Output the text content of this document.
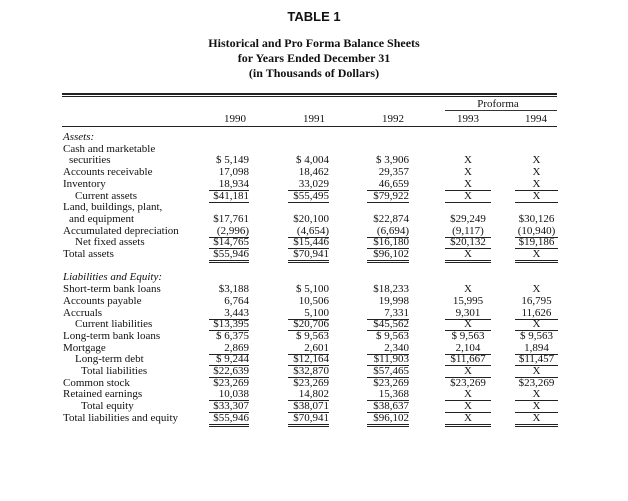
TABLE 1
Historical and Pro Forma Balance Sheets
for Years Ended December 31
(in Thousands of Dollars)
Proforma
1990	1991	1992	1993	1994
Assets:
Cash and marketable
securities	$ 5,149	$ 4,004	$ 3,906	X	X
Accounts receivable	17,098	18,462	29,357	X	X
Inventory	18,934	33,029	46,659	X	X
Current assets	$41,181	$55,495	$79,922	X	X
Land, buildings, plant,
and equipment	$17,761	$20,100	$22,874	$29,249	$30,126
Accumulated depreciation	(2,996)	(4,654)	(6,694)	(9,117)	(10,940)
Net fixed assets	$14,765	$15,446	$16,180	$20,132	$19,186
Total assets	$55,946	$70,941	$96,102	X	X
Liabilities and Equity:
Short-term bank loans	$3,188	$ 5,100	$18,233	X	X
Accounts payable	6,764	10,506	19,998	15,995	16,795
Accruals	3,443	5,100	7,331	9,301	11,626
Current liabilities	$13,395	$20,706	$45,562	X	X
Long-term bank loans	$ 6,375	$ 9,563	$ 9,563	$ 9,563	$ 9,563
Mortgage	2,869	2,601	2,340	2,104	1,894
Long-term debt	$ 9,244	$12,164	$11,903	$11,667	$11,457
Total liabilities	$22,639	$32,870	$57,465	X	X
Common stock	$23,269	$23,269	$23,269	$23,269	$23,269
Retained earnings	10,038	14,802	15,368	X	X
Total equity	$33,307	$38,071	$38,637	X	X
Total liabilities and equity	$55,946	$70,941	$96,102	X	X
